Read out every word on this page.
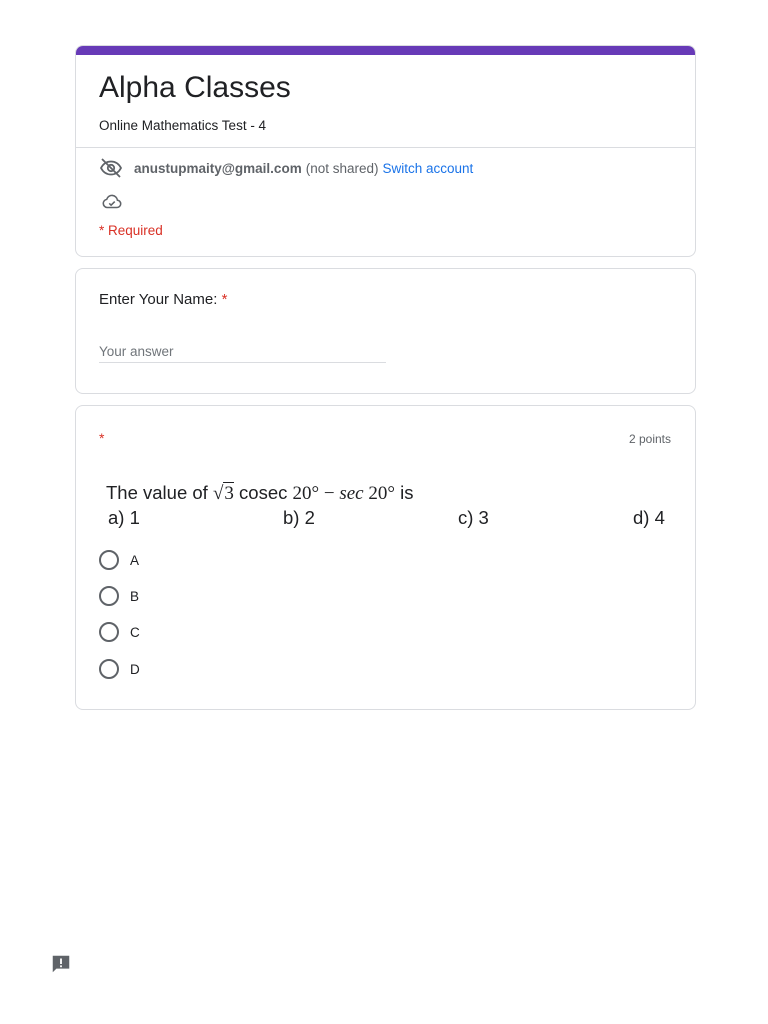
Alpha Classes
Online Mathematics Test - 4
anustupmaity@gmail.com (not shared) Switch account
* Required
Enter Your Name: *
Your answer
*	2 points
The value of √3 cosec 20° − sec 20° is
a) 1	b) 2	c) 3	d) 4
A
B
C
D
